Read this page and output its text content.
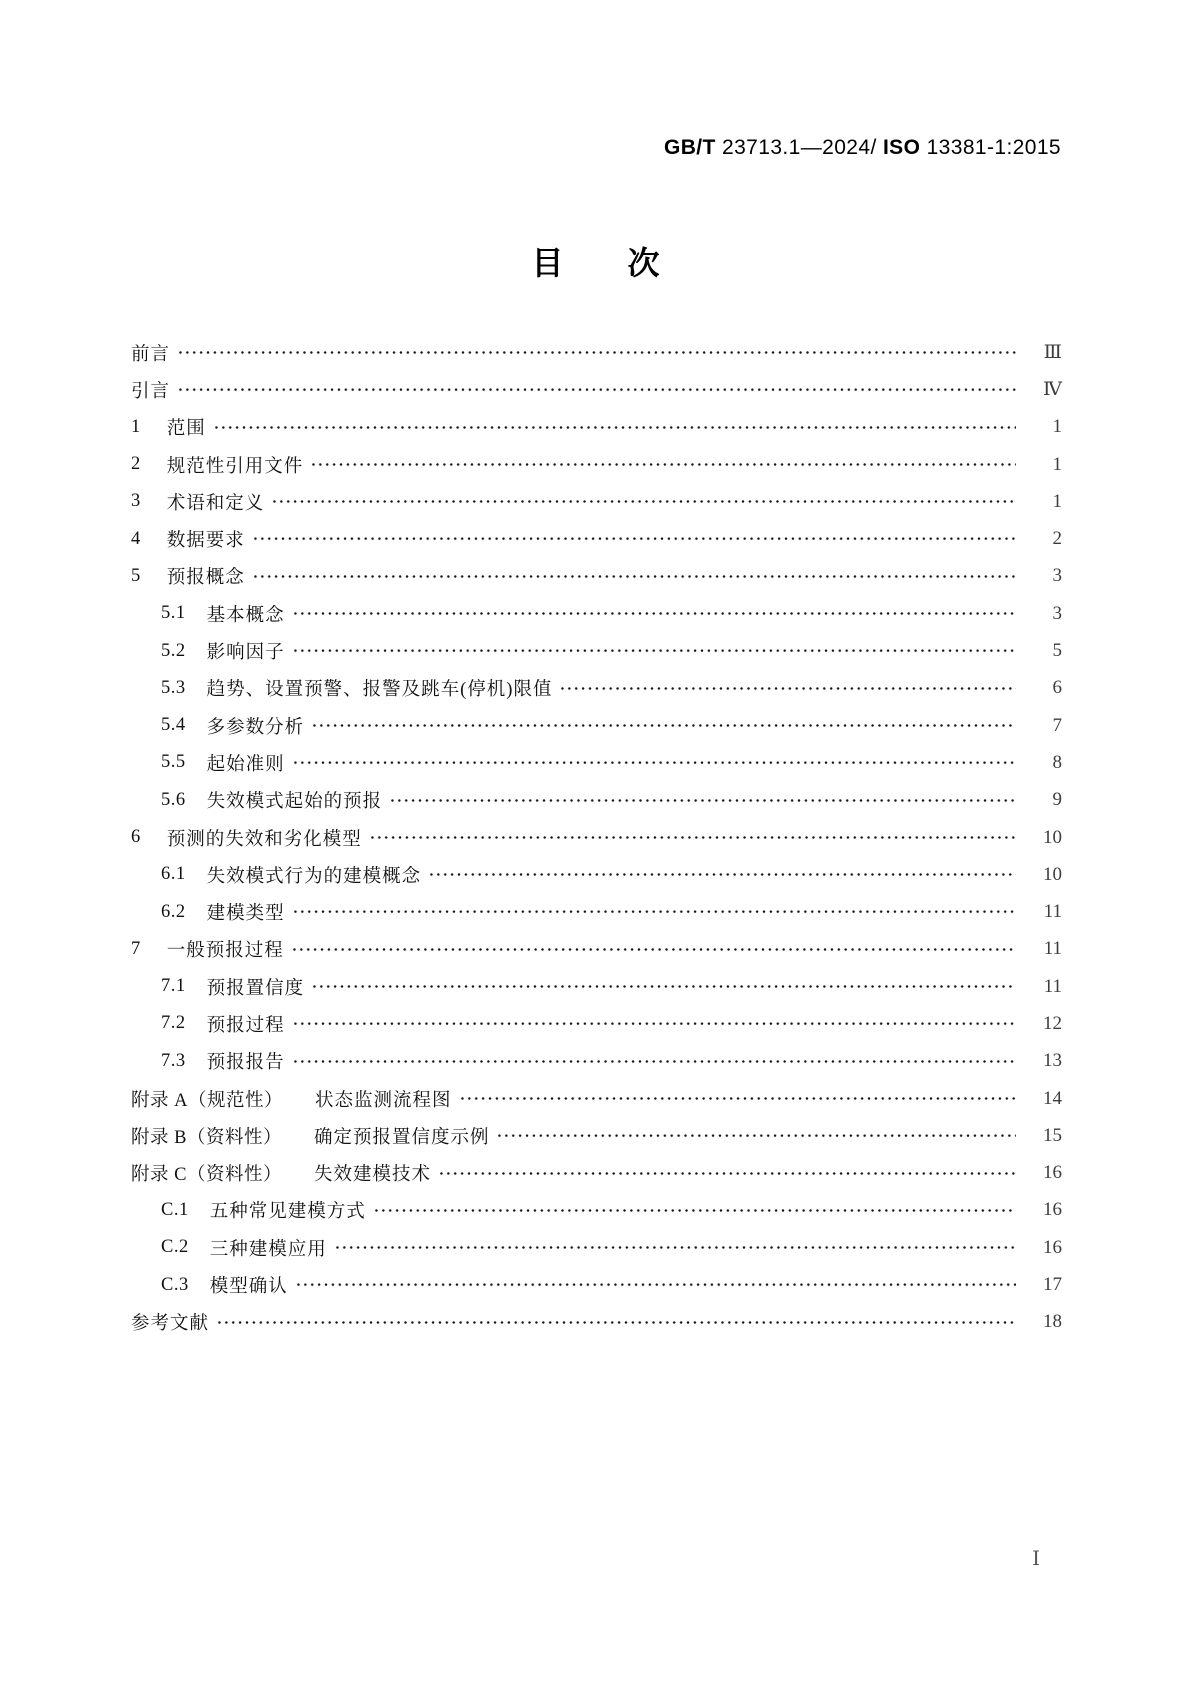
GB/T 23713.1—2024/ ISO 13381-1:2015
目　　次
前言	Ⅲ
引言	Ⅳ
1 范围	1
2 规范性引用文件	1
3 术语和定义	1
4 数据要求	2
5 预报概念	3
5.1 基本概念	3
5.2 影响因子	5
5.3 趋势、设置预警、报警及跳车(停机)限值	6
5.4 多参数分析	7
5.5 起始准则	8
5.6 失效模式起始的预报	9
6 预测的失效和劣化模型	10
6.1 失效模式行为的建模概念	10
6.2 建模类型	11
7 一般预报过程	11
7.1 预报置信度	11
7.2 预报过程	12
7.3 预报报告	13
附录 A（规范性） 状态监测流程图	14
附录 B（资料性） 确定预报置信度示例	15
附录 C（资料性） 失效建模技术	16
C.1 五种常见建模方式	16
C.2 三种建模应用	16
C.3 模型确认	17
参考文献	18
Ⅰ
